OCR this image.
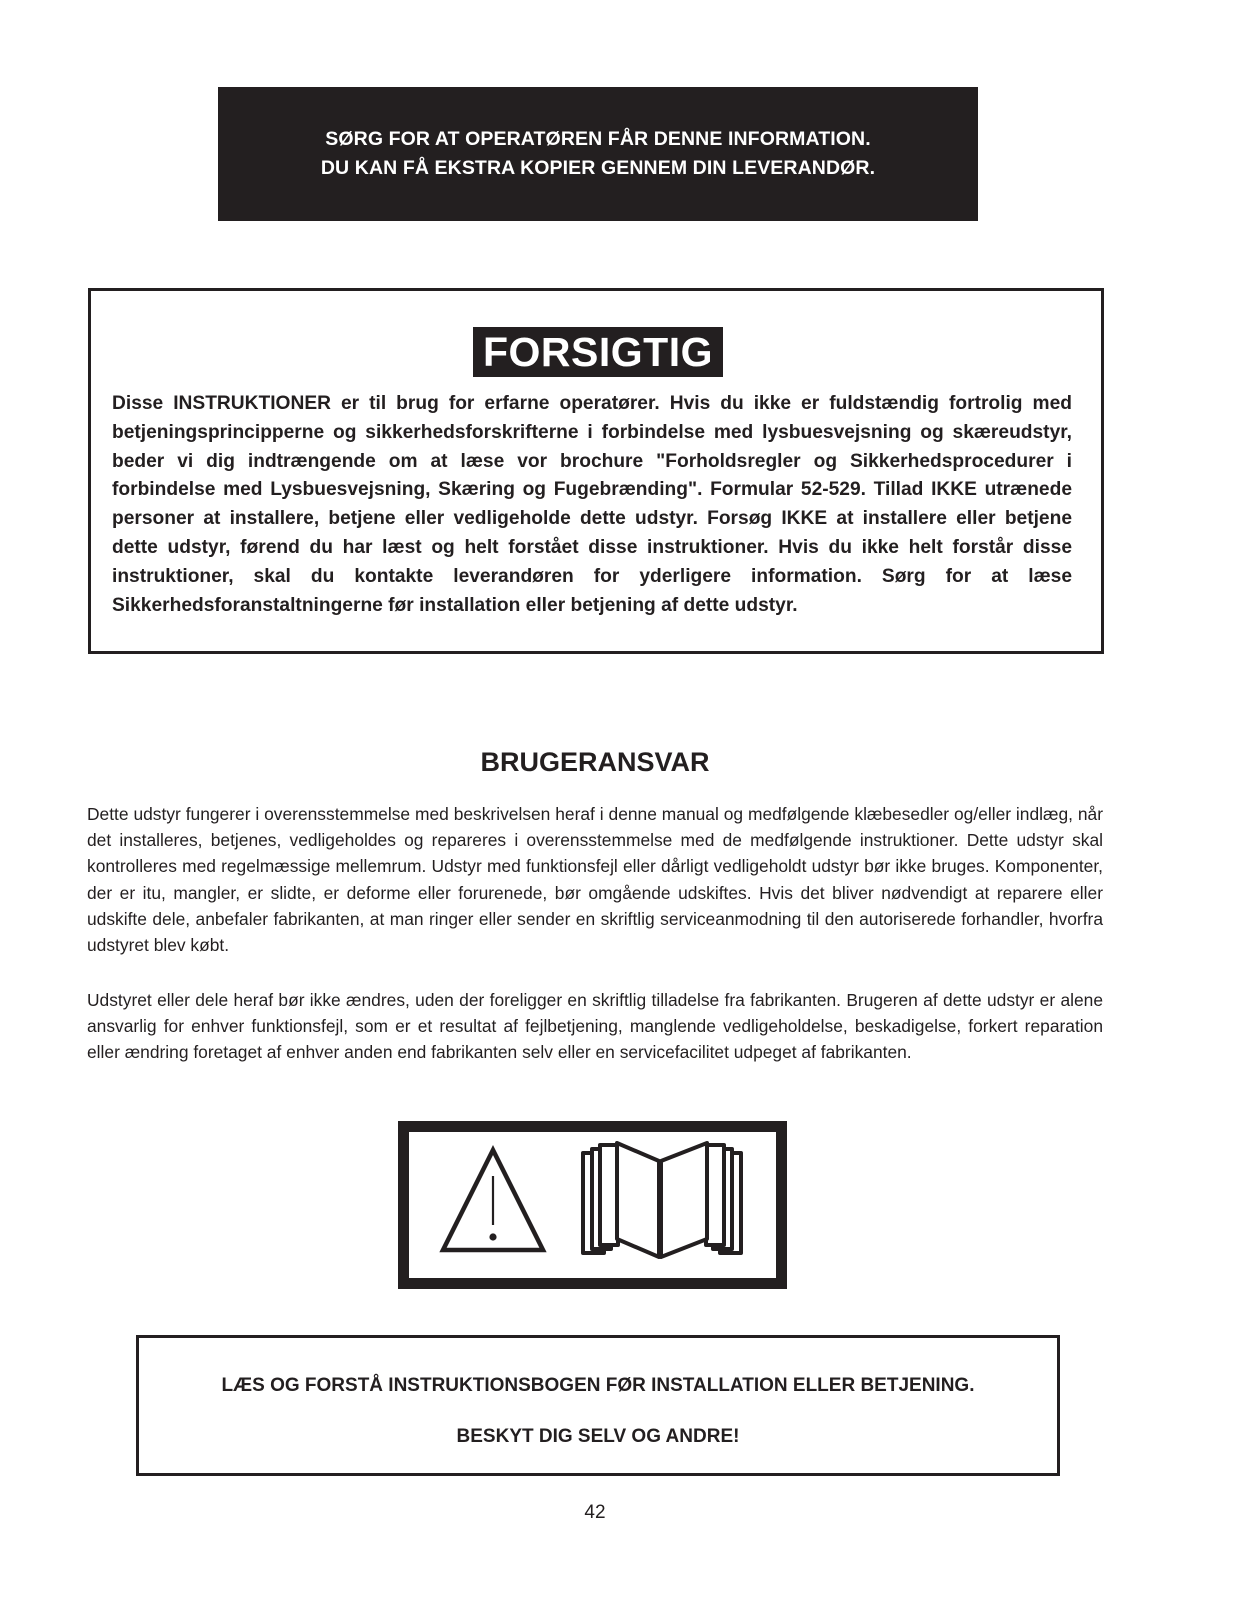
SØRG FOR AT OPERATØREN FÅR DENNE INFORMATION.
DU KAN FÅ EKSTRA KOPIER GENNEM DIN LEVERANDØR.
FORSIGTIG
Disse INSTRUKTIONER er til brug for erfarne operatører. Hvis du ikke er fuldstændig fortrolig med betjeningsprincipperne og sikkerhedsforskrifterne i forbindelse med lysbuesvejsning og skæreudstyr, beder vi dig indtrængende om at læse vor brochure "Forholdsregler og Sikkerhedsprocedurer i forbindelse med Lysbuesvejsning, Skæring og Fugebrænding". Formular 52-529. Tillad IKKE utrænede personer at installere, betjene eller vedligeholde dette udstyr. Forsøg IKKE at installere eller betjene dette udstyr, førend du har læst og helt forstået disse instruktioner. Hvis du ikke helt forstår disse instruktioner, skal du kontakte leverandøren for yderligere information. Sørg for at læse Sikkerhedsforanstaltningerne før installation eller betjening af dette udstyr.
BRUGERANSVAR
Dette udstyr fungerer i overensstemmelse med beskrivelsen heraf i denne manual og medfølgende klæbesedler og/eller indlæg, når det installeres, betjenes, vedligeholdes og repareres i overensstemmelse med de medfølgende instruktioner. Dette udstyr skal kontrolleres med regelmæssige mellemrum. Udstyr med funktionsfejl eller dårligt vedligeholdt udstyr bør ikke bruges. Komponenter, der er itu, mangler, er slidte, er deforme eller forurenede, bør omgående udskiftes. Hvis det bliver nødvendigt at reparere eller udskifte dele, anbefaler fabrikanten, at man ringer eller sender en skriftlig serviceanmodning til den autoriserede forhandler, hvorfra udstyret blev købt.
Udstyret eller dele heraf bør ikke ændres, uden der foreligger en skriftlig tilladelse fra fabrikanten. Brugeren af dette udstyr er alene ansvarlig for enhver funktionsfejl, som er et resultat af fejlbetjening, manglende vedligeholdelse, beskadigelse, forkert reparation eller ændring foretaget af enhver anden end fabrikanten selv eller en servicefacilitet udpeget af fabrikanten.
LÆS OG FORSTÅ INSTRUKTIONSBOGEN FØR INSTALLATION ELLER BETJENING.
BESKYT DIG SELV OG ANDRE!
42
